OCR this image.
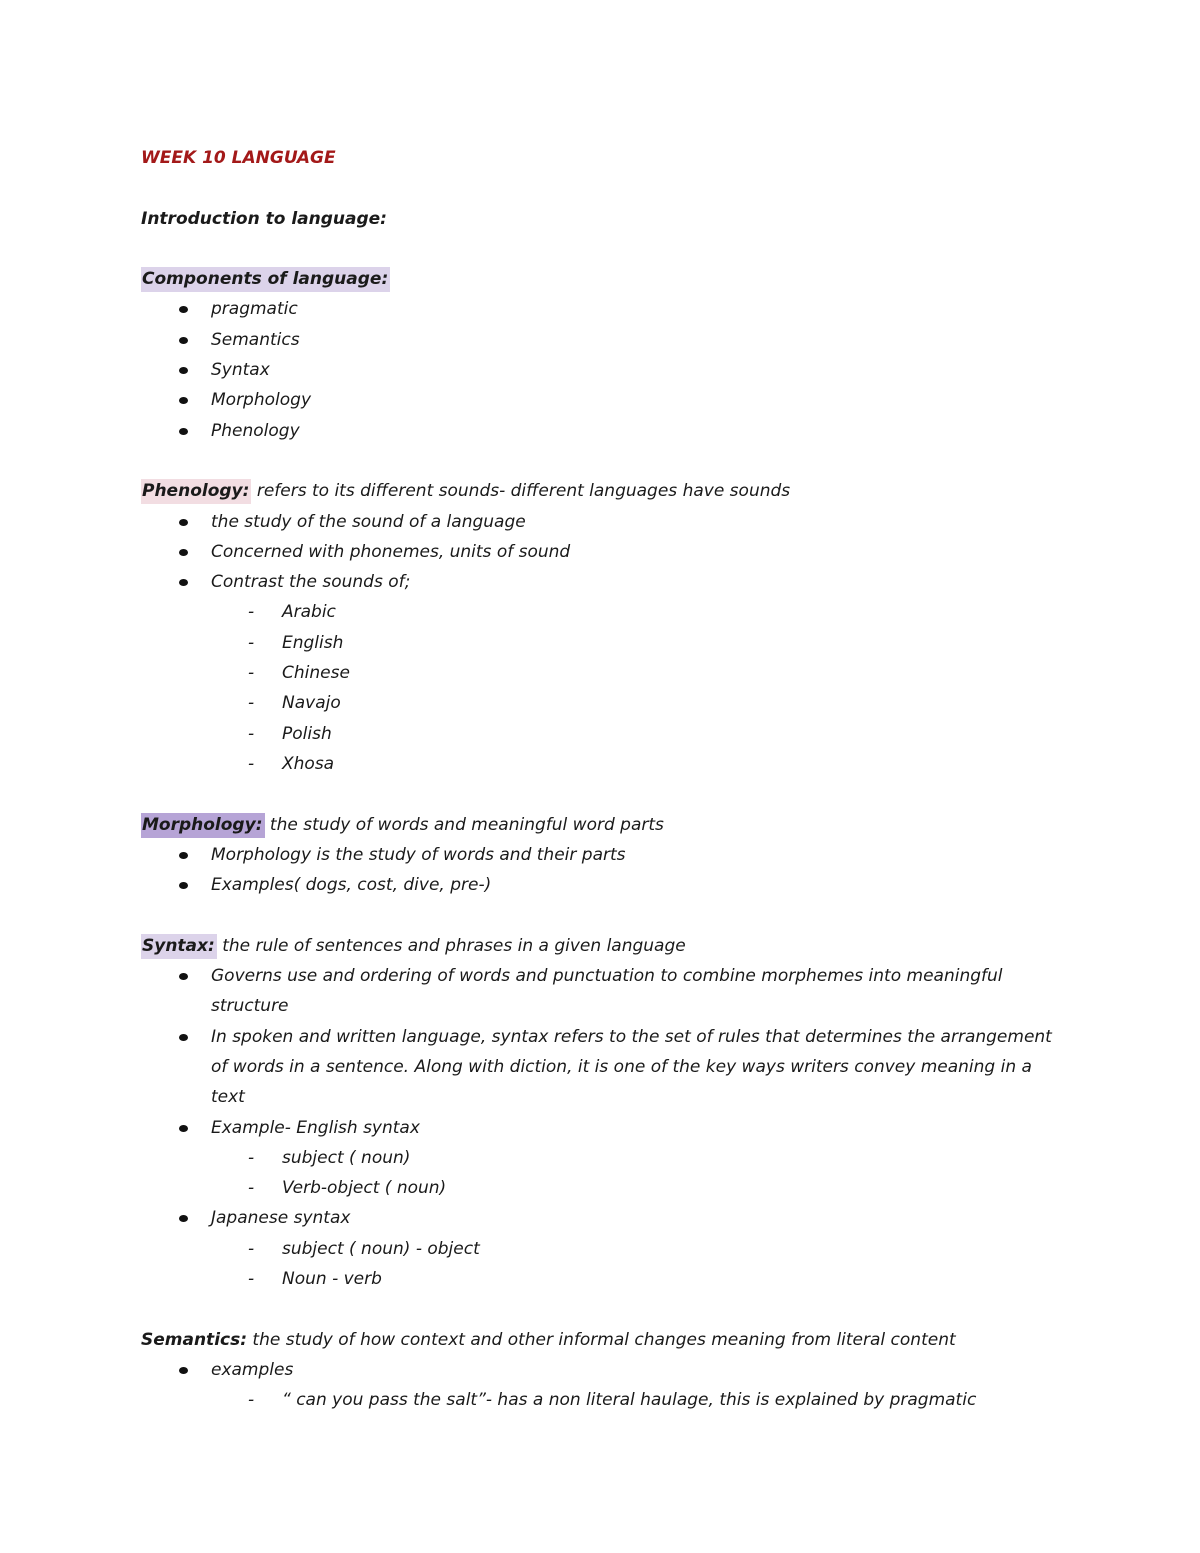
WEEK 10 LANGUAGE
Introduction to language:
Components of language:
pragmatic
Semantics
Syntax
Morphology
Phenology
Phenology: refers to its different sounds- different languages have sounds
the study of the sound of a language
Concerned with phonemes, units of sound
Contrast the sounds of;
- Arabic
- English
- Chinese
- Navajo
- Polish
- Xhosa
Morphology: the study of words and meaningful word parts
Morphology is the study of words and their parts
Examples( dogs, cost, dive, pre-)
Syntax: the rule of sentences and phrases in a given language
Governs use and ordering of words and punctuation to combine morphemes into meaningful structure
In spoken and written language, syntax refers to the set of rules that determines the arrangement of words in a sentence. Along with diction, it is one of the key ways writers convey meaning in a text
Example- English syntax
- subject ( noun)
- Verb-object ( noun)
Japanese syntax
- subject ( noun) - object
- Noun - verb
Semantics: the study of how context and other informal changes meaning from literal content
examples
- “ can you pass the salt”- has a non literal haulage, this is explained by pragmatic
